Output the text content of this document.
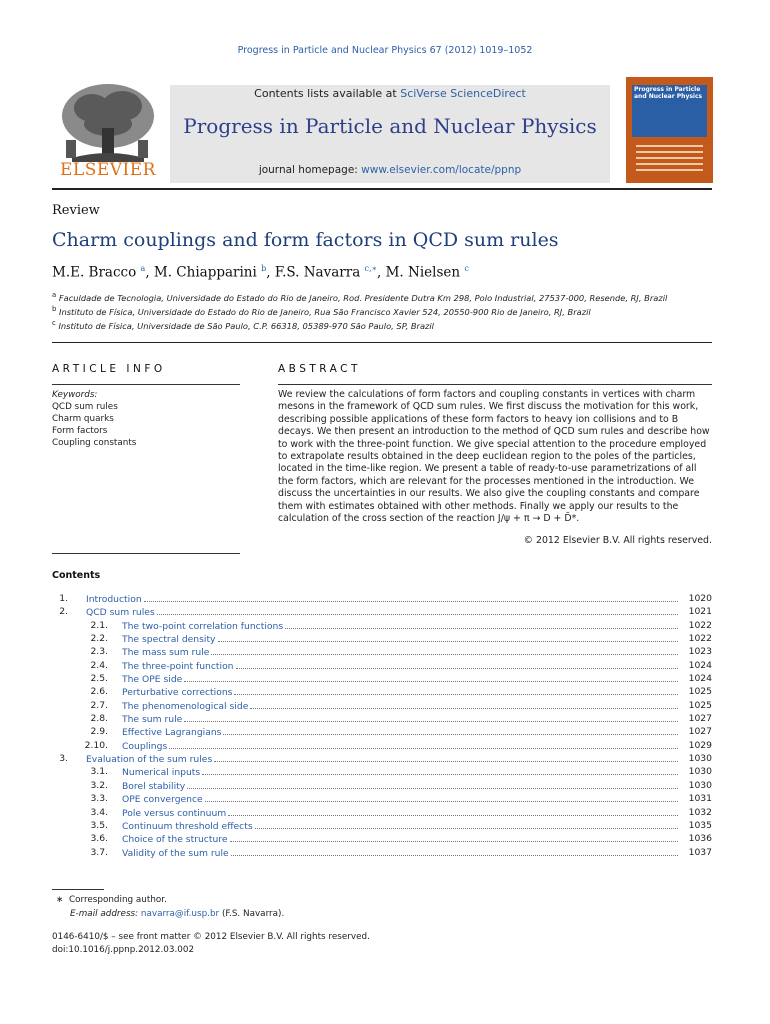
Progress in Particle and Nuclear Physics 67 (2012) 1019–1052
ELSEVIER
Contents lists available at SciVerse ScienceDirect
Progress in Particle and Nuclear Physics
journal homepage: www.elsevier.com/locate/ppnp
Progress in Particle and Nuclear Physics
Review
Charm couplings and form factors in QCD sum rules
M.E. Bracco $^a$, M. Chiapparini $^b$, F.S. Navarra $^{c,∗}$, M. Nielsen $^c$
$^a$ Faculdade de Tecnologia, Universidade do Estado do Rio de Janeiro, Rod. Presidente Dutra Km 298, Polo Industrial, 27537-000, Resende, RJ, Brazil
$^b$ Instituto de Física, Universidade do Estado do Rio de Janeiro, Rua São Francisco Xavier 524, 20550-900 Rio de Janeiro, RJ, Brazil
$^c$ Instituto de Física, Universidade de São Paulo, C.P. 66318, 05389-970 São Paulo, SP, Brazil
ARTICLE INFO
Keywords:
QCD sum rules
Charm quarks
Form factors
Coupling constants
ABSTRACT
We review the calculations of form factors and coupling constants in vertices with charm
mesons in the framework of QCD sum rules. We first discuss the motivation for this work,
describing possible applications of these form factors to heavy ion collisions and to B
decays. We then present an introduction to the method of QCD sum rules and describe how
to work with the three-point function. We give special attention to the procedure employed
to extrapolate results obtained in the deep euclidean region to the poles of the particles,
located in the time-like region. We present a table of ready-to-use parametrizations of all
the form factors, which are relevant for the processes mentioned in the introduction. We
discuss the uncertainties in our results. We also give the coupling constants and compare
them with estimates obtained with other methods. Finally we apply our results to the
calculation of the cross section of the reaction J/ψ + π → D + D̄*.
© 2012 Elsevier B.V. All rights reserved.
Contents
1. Introduction	1020
2. QCD sum rules	1021
2.1. The two-point correlation functions	1022
2.2. The spectral density	1022
2.3. The mass sum rule	1023
2.4. The three-point function	1024
2.5. The OPE side	1024
2.6. Perturbative corrections	1025
2.7. The phenomenological side	1025
2.8. The sum rule	1027
2.9. Effective Lagrangians	1027
2.10. Couplings	1029
3. Evaluation of the sum rules	1030
3.1. Numerical inputs	1030
3.2. Borel stability	1030
3.3. OPE convergence	1031
3.4. Pole versus continuum	1032
3.5. Continuum threshold effects	1035
3.6. Choice of the structure	1036
3.7. Validity of the sum rule	1037
∗ Corresponding author.
E-mail address: navarra@if.usp.br (F.S. Navarra).
0146-6410/$ – see front matter © 2012 Elsevier B.V. All rights reserved.
doi:10.1016/j.ppnp.2012.03.002
